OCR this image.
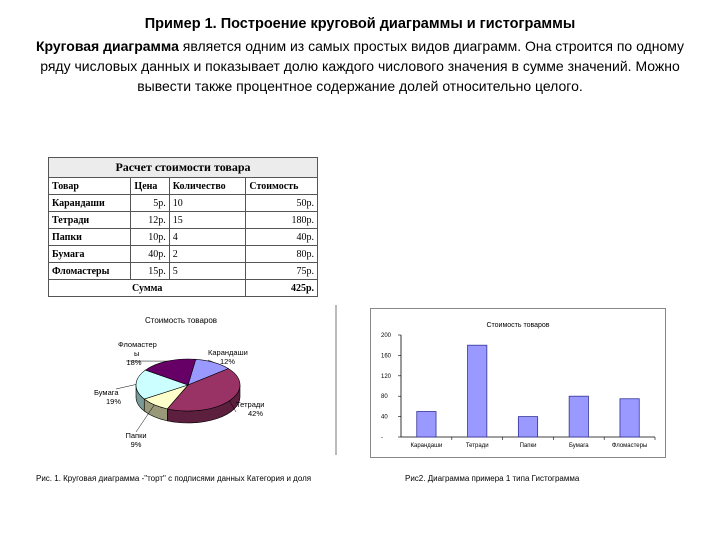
Пример 1. Построение круговой диаграммы и гистограммы
Круговая диаграмма является одним из самых простых видов диаграмм. Она строится по одному ряду числовых данных и показывает долю каждого числового значения в сумме значений. Можно вывести также процентное содержание долей относительно целого.
Расчет стоимости товара			
Товар	Цена	Количество	Стоимость
Карандаши	5р.	10	50р.
Тетради	12р.	15	180р.
Папки	10р.	4	40р.
Бумага	40р.	2	80р.
Фломастеры	15р.	5	75р.
Сумма			425р.
Стоимость товаров
Карандаши
12%
Тетради
42%
Папки
9%
Бумага
19%
Фломастер ы
18%
Стоимость товаров
-
40
80
120
160
200
Карандаши	Тетради	Папки	Бумага	Фломастеры
Рис. 1. Круговая диаграмма -"торт" с подписями данных Категория и доля	Рис2. Диаграмма примера 1 типа Гистограмма
